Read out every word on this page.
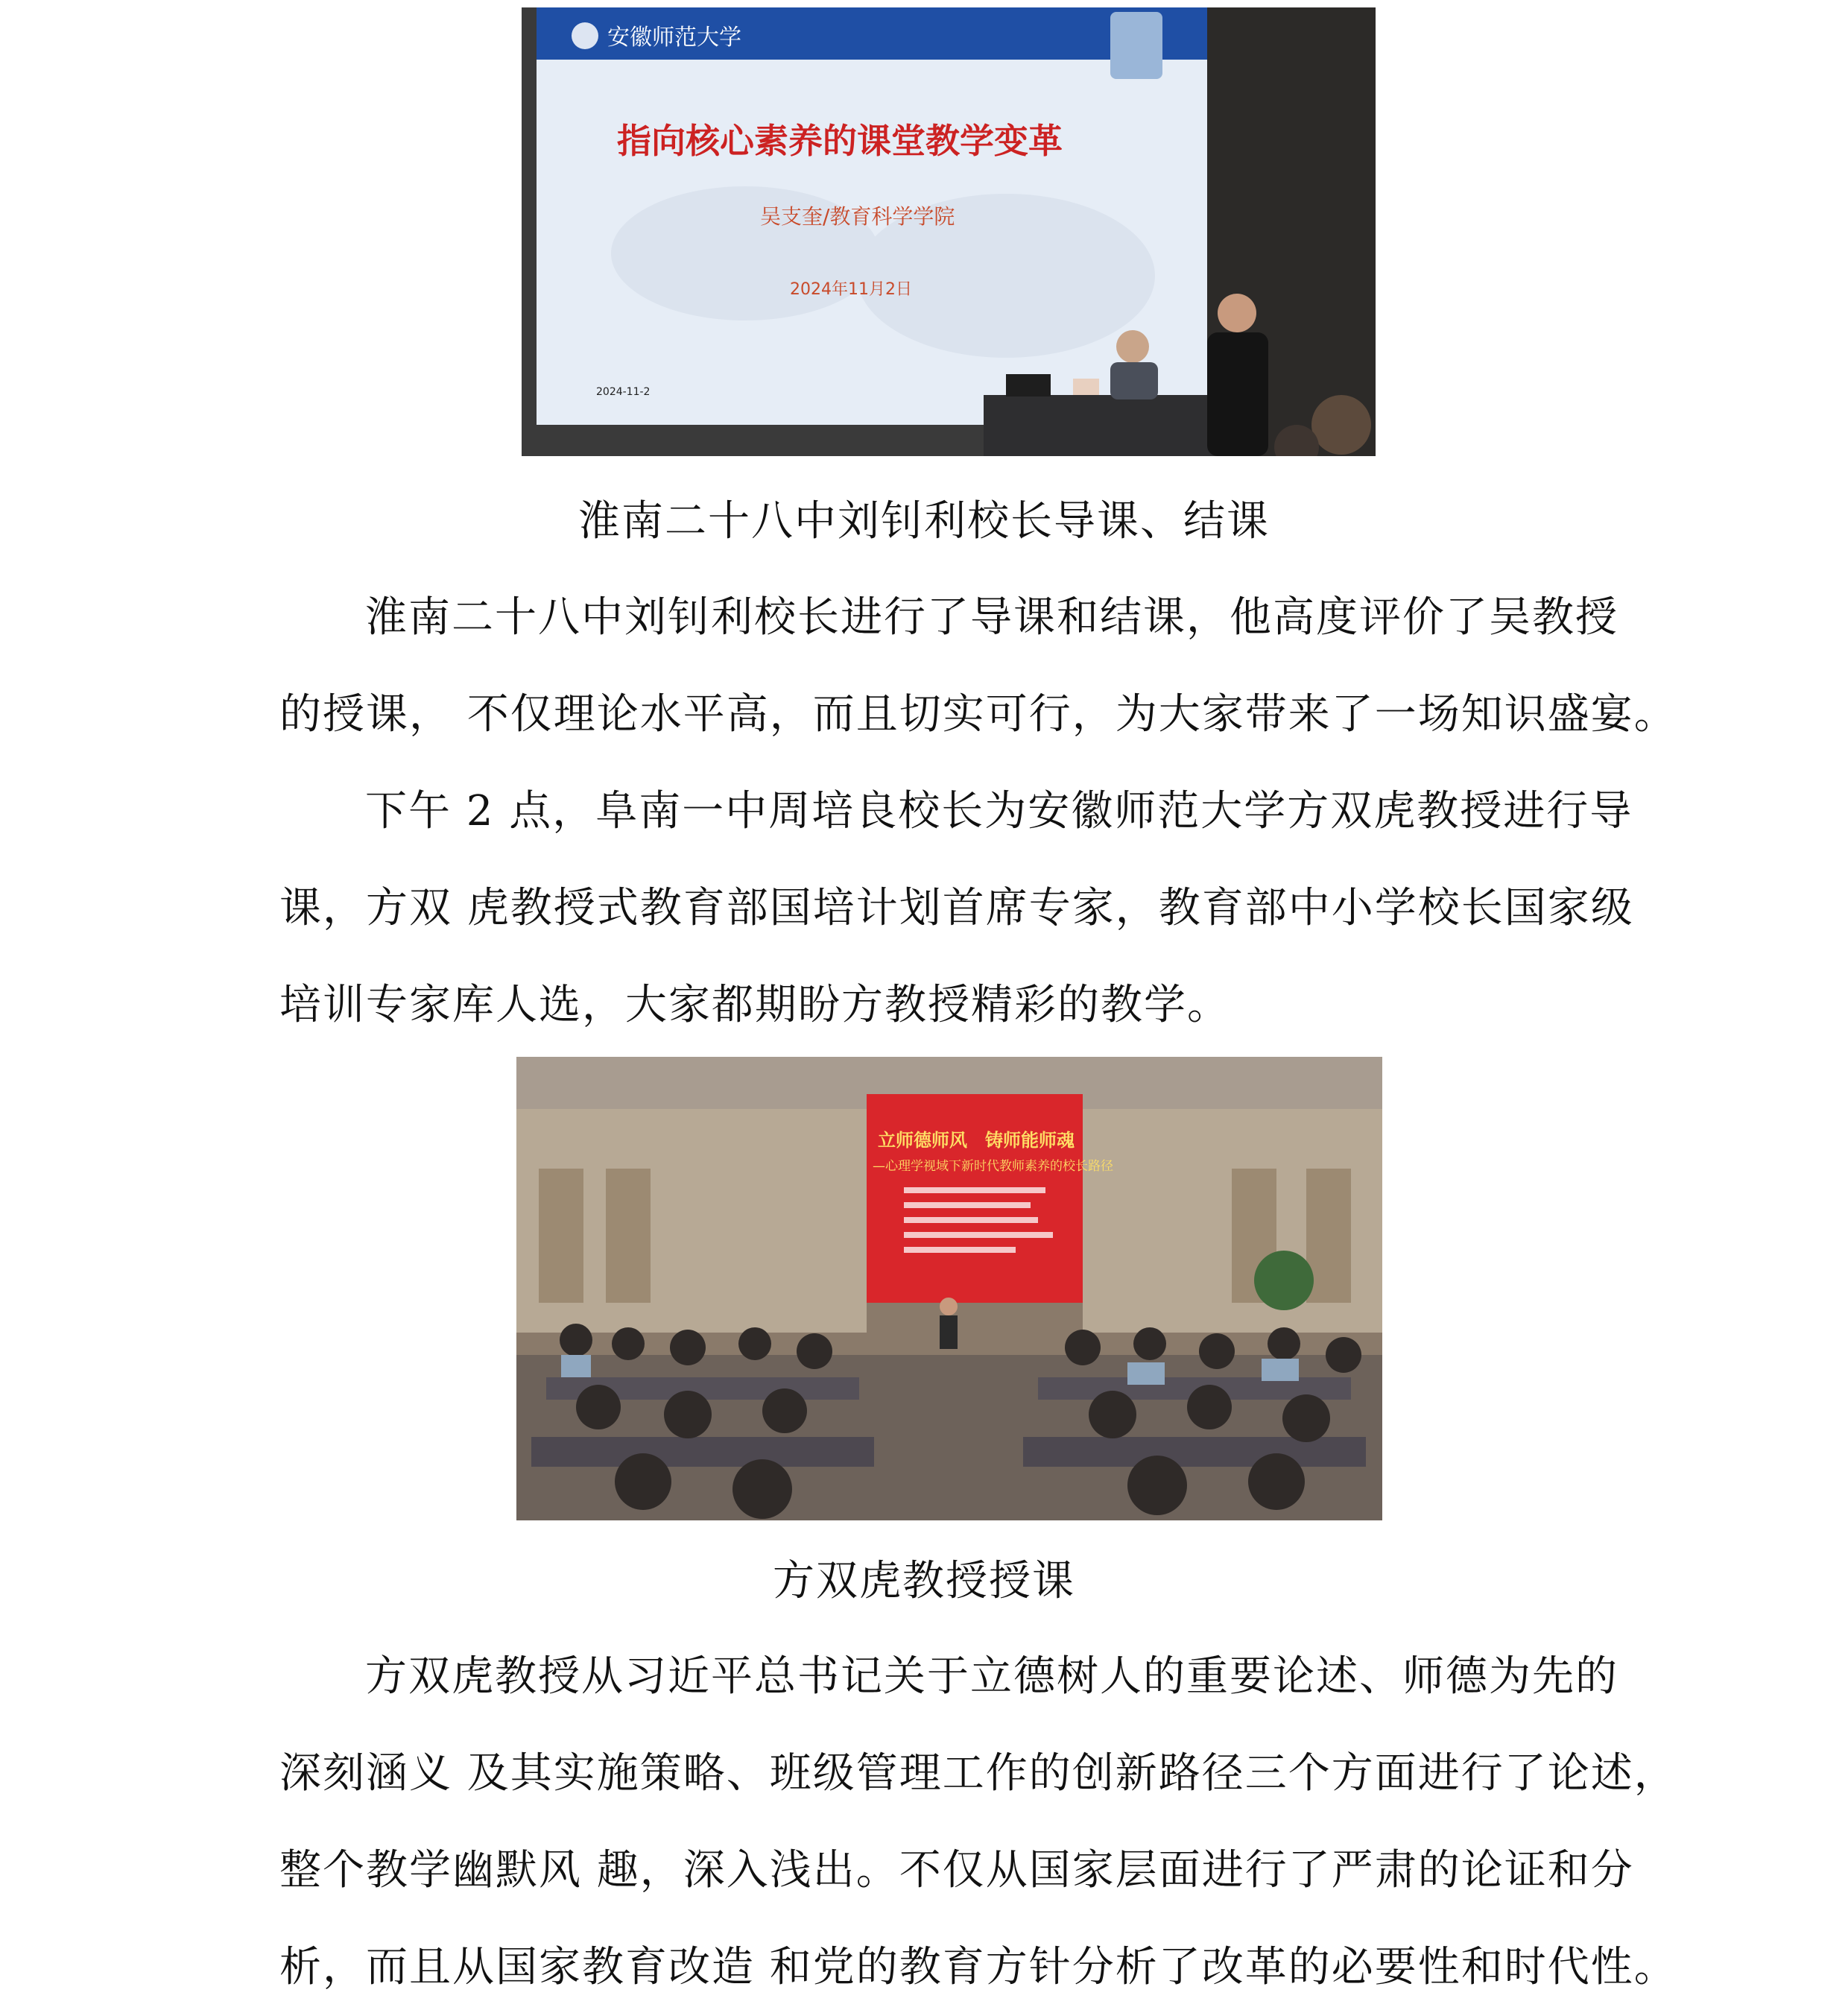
安徽师范大学
指向核心素养的课堂教学变革
吴支奎/教育科学学院
2024年11月2日
2024-11-2
淮南二十八中刘钊利校长导课、结课
淮南二十八中刘钊利校长进行了导课和结课，他高度评价了吴教授
的授课， 不仅理论水平高，而且切实可行，为大家带来了一场知识盛宴。
下午 2 点，阜南一中周培良校长为安徽师范大学方双虎教授进行导
课，方双 虎教授式教育部国培计划首席专家，教育部中小学校长国家级
培训专家库人选，大家都期盼方教授精彩的教学。
立师德师风　铸师能师魂
—心理学视域下新时代教师素养的校长路径
方双虎教授授课
方双虎教授从习近平总书记关于立德树人的重要论述、师德为先的
深刻涵义 及其实施策略、班级管理工作的创新路径三个方面进行了论述，
整个教学幽默风 趣，深入浅出。不仅从国家层面进行了严肃的论证和分
析，而且从国家教育改造 和党的教育方针分析了改革的必要性和时代性。
